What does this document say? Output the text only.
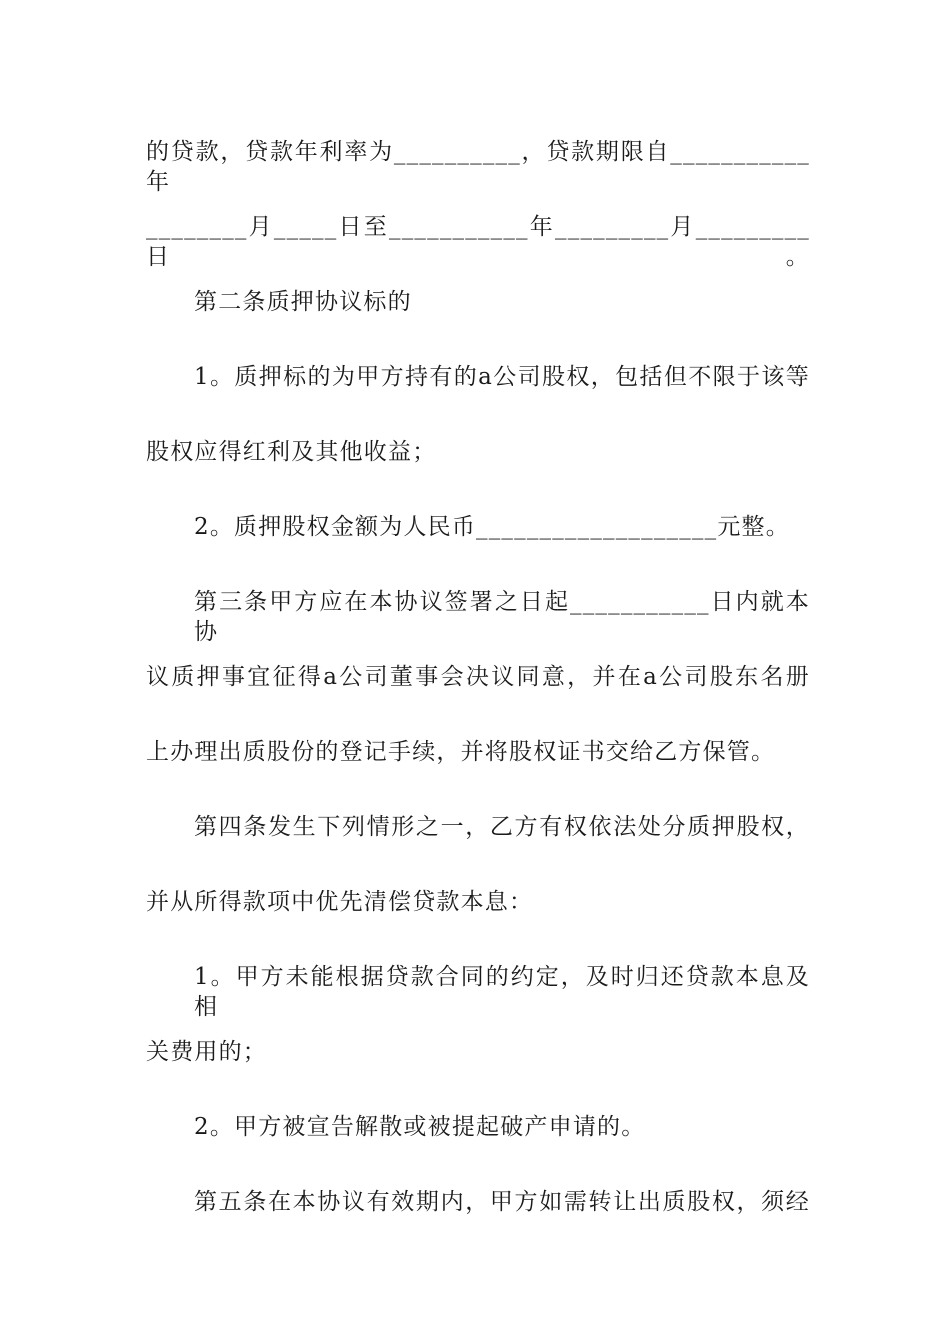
的贷款，贷款年利率为__________，贷款期限自___________年
________月_____日至___________年_________月_________日。
第二条质押协议标的
1。质押标的为甲方持有的a公司股权，包括但不限于该等
股权应得红利及其他收益；
2。质押股权金额为人民币___________________元整。
第三条甲方应在本协议签署之日起___________日内就本协
议质押事宜征得a公司董事会决议同意，并在a公司股东名册
上办理出质股份的登记手续，并将股权证书交给乙方保管。
第四条发生下列情形之一，乙方有权依法处分质押股权，
并从所得款项中优先清偿贷款本息：
1。甲方未能根据贷款合同的约定，及时归还贷款本息及相
关费用的；
2。甲方被宣告解散或被提起破产申请的。
第五条在本协议有效期内，甲方如需转让出质股权，须经
